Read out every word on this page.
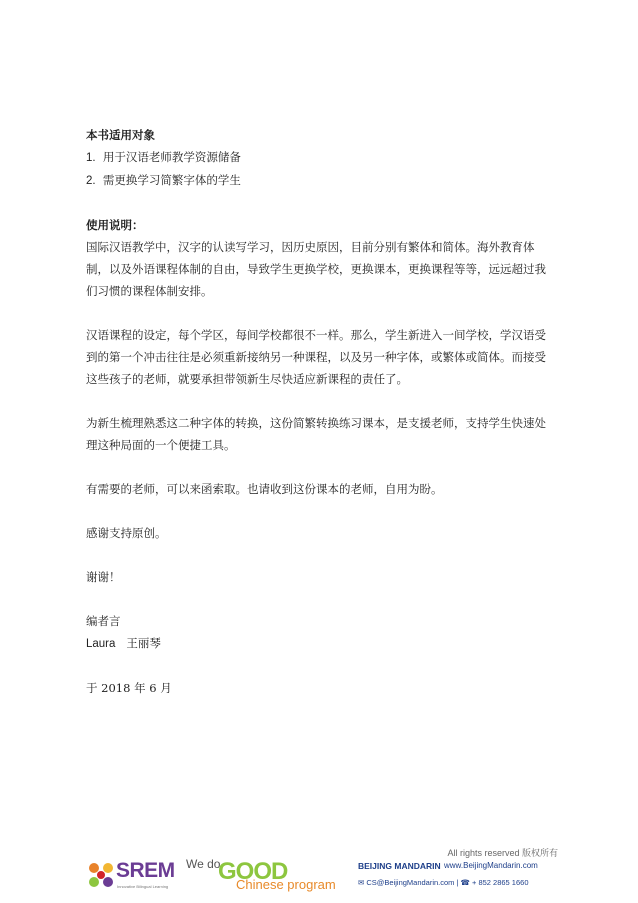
本书适用对象
1. 用于汉语老师教学资源储备
2. 需更换学习简繁字体的学生
使用说明：

国际汉语教学中，汉字的认读写学习，因历史原因，目前分别有繁体和简体。海外教育体制，以及外语课程体制的自由，导致学生更换学校，更换课本，更换课程等等，远远超过我们习惯的课程体制安排。

汉语课程的设定，每个学区，每间学校都很不一样。那么，学生新进入一间学校，学汉语受到的第一个冲击往往是必须重新接纳另一种课程，以及另一种字体，或繁体或简体。而接受这些孩子的老师，就要承担带领新生尽快适应新课程的责任了。

为新生梳理熟悉这二种字体的转换，这份简繁转换练习课本，是支援老师，支持学生快速处理这种局面的一个便捷工具。

有需要的老师，可以来函索取。也请收到这份课本的老师，自用为盼。

感谢支持原创。

谢谢！

编者言
Laura 王丽琴
于 2018 年 6 月
All rights reserved 版权所有
SREM
Innovative Bilingual Learning
We do
GOOD
Chinese program
BEIJING MANDARIN www.BeijingMandarin.com
✉ CS@BeijingMandarin.com | ☎ + 852 2865 1660
